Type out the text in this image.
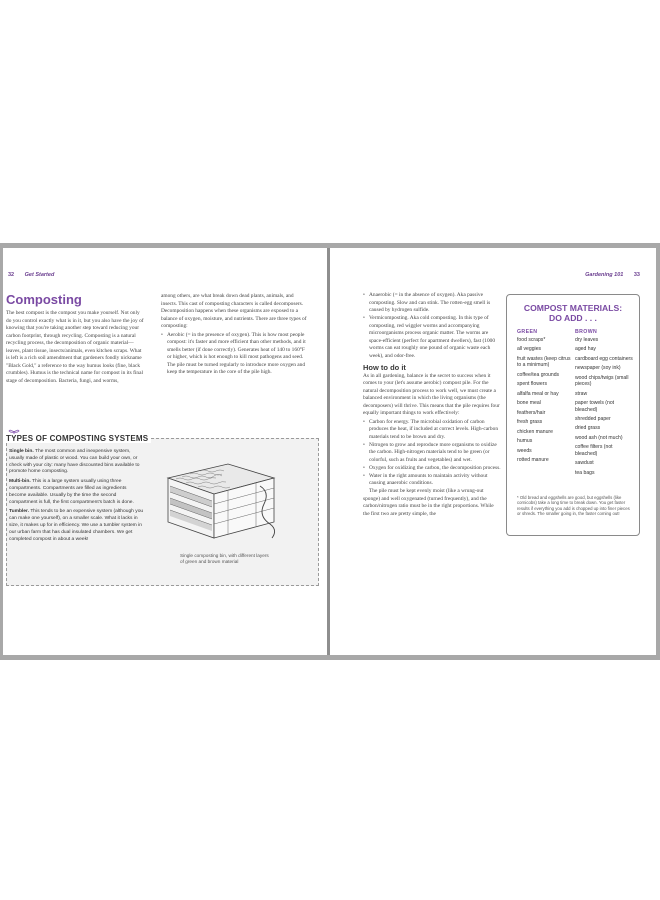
32 Get Started
Composting

The best compost is the compost you make yourself. Not only do you control exactly what is in it, but you also have the joy of knowing that you're taking another step toward reducing your carbon footprint, through recycling. Composting is a natural recycling process, the decomposition of organic material—leaves, plant tissue, insects/animals, even kitchen scraps. What is left is a rich soil amendment that gardeners fondly nickname "Black Gold," a reference to the way humus looks (fine, black crumbles). Humus is the technical name for compost in its final stage of decomposition. Bacteria, fungi, and worms,

among others, are what break down dead plants, animals, and insects. This cast of composting characters is called decomposers. Decomposition happens when these organisms are exposed to a balance of oxygen, moisture, and nutrients. There are three types of composting:

• Aerobic (= in the presence of oxygen). This is how most people compost: it's faster and more efficient than other methods, and it smells better (if done correctly). Generates heat of 140 to 160°F or higher, which is hot enough to kill most pathogens and seed. The pile must be turned regularly to introduce more oxygen and keep the temperature in the core of the pile high.
TYPES OF COMPOSTING SYSTEMS

Single bin. The most common and inexpensive system, usually made of plastic or wood. You can build your own, or check with your city: many have discounted bins available to promote home composting.

Multi-bin. This is a large system usually using three compartments. Compartments are filled as ingredients become available. Usually by the time the second compartment is full, the first compartment's batch is done.

Tumbler. This tends to be an expensive system (although you can make one yourself), on a smaller scale. What it lacks in size, it makes up for in efficiency. We use a tumbler system in our urban farm that has dual insulated chambers. We get completed compost in about a week!

Single composting bin, with different layers of green and brown material
Gardening 101 33
• Anaerobic (= in the absence of oxygen). Aka passive composting. Slow and can stink. The rotten-egg smell is caused by hydrogen sulfide.
• Vermicomposting. Aka cold composting. In this type of composting, red wiggler worms and accompanying microorganisms process organic matter. The worms are space-efficient (perfect for apartment dwellers), fast (1000 worms can eat roughly one pound of organic waste each week), and odor-free.
How to do it

As in all gardening, balance is the secret to success when it comes to your (let's assume aerobic) compost pile. For the natural decomposition process to work well, we must create a balanced environment in which the living organisms (the decomposers) will thrive. This means that the pile requires four equally important things to work effectively:

• Carbon for energy. The microbial oxidation of carbon produces the heat, if included at correct levels. High-carbon materials tend to be brown and dry.
• Nitrogen to grow and reproduce more organisms to oxidize the carbon. High-nitrogen materials tend to be green (or colorful, such as fruits and vegetables) and wet.
• Oxygen for oxidizing the carbon, the decomposition process.
• Water in the right amounts to maintain activity without causing anaerobic conditions.

The pile must be kept evenly moist (like a wrung-out sponge) and well oxygenated (turned frequently), and the carbon/nitrogen ratio must be in the right proportions. While the first two are pretty simple, the

COMPOST MATERIALS:
DO ADD . . .
GREEN	BROWN
food scraps*
all veggies
fruit wastes (keep citrus to a minimum)
coffee/tea grounds
spent flowers
alfalfa meal or hay
bone meal
feathers/hair
fresh grass
chicken manure
humus
weeds
rotted manure
dry leaves
aged hay
cardboard egg containers
newspaper (soy ink)
wood chips/twigs (small pieces)
straw
paper towels (not bleached)
shredded paper
dried grass
wood ash (not much)
coffee filters (not bleached)
sawdust
tea bags
* Old bread and eggshells are good, but eggshells (like cornicobs) take a long time to break down. You get faster results if everything you add is chopped up into finer pieces or shreds. The smaller going in, the faster coming out!
